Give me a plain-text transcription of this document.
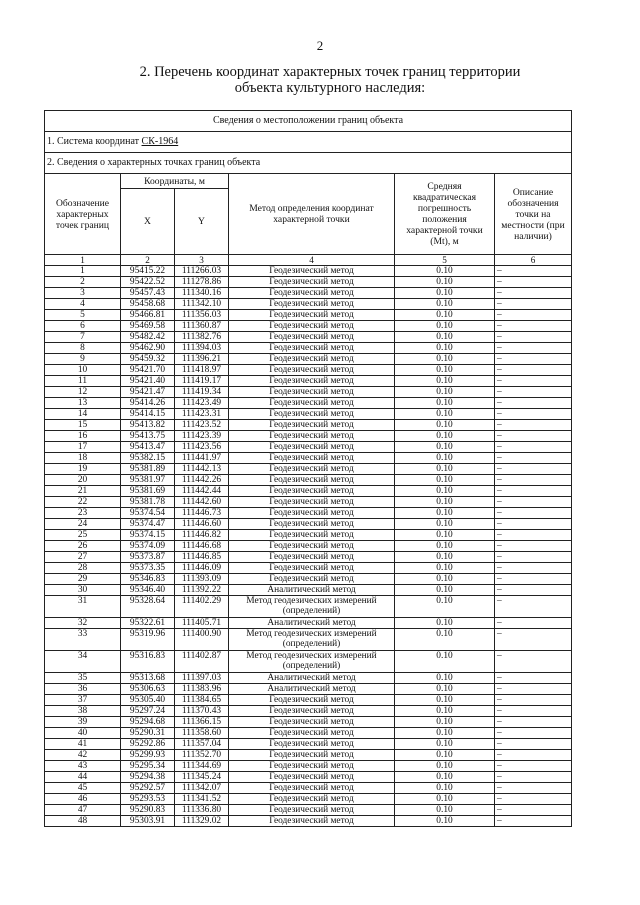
2
2. Перечень координат характерных точек границ территории
объекта культурного наследия:
Сведения о местоположении границ объекта					
1. Система координат СК-1964					
2. Сведения о характерных точках границ объекта					
Обозначение характерных точек границ	Координаты, м		Метод определения координат характерной точки	Средняя квадратическая погрешность положения характерной точки (Mt), м	Описание обозначения точки на местности (при наличии)
	X	Y			
1	2	3	4	5	6
1	95415.22	111266.03	Геодезический метод	0.10	–
2	95422.52	111278.86	Геодезический метод	0.10	–
3	95457.43	111340.16	Геодезический метод	0.10	–
4	95458.68	111342.10	Геодезический метод	0.10	–
5	95466.81	111356.03	Геодезический метод	0.10	–
6	95469.58	111360.87	Геодезический метод	0.10	–
7	95482.42	111382.76	Геодезический метод	0.10	–
8	95462.90	111394.03	Геодезический метод	0.10	–
9	95459.32	111396.21	Геодезический метод	0.10	–
10	95421.70	111418.97	Геодезический метод	0.10	–
11	95421.40	111419.17	Геодезический метод	0.10	–
12	95421.47	111419.34	Геодезический метод	0.10	–
13	95414.26	111423.49	Геодезический метод	0.10	–
14	95414.15	111423.31	Геодезический метод	0.10	–
15	95413.82	111423.52	Геодезический метод	0.10	–
16	95413.75	111423.39	Геодезический метод	0.10	–
17	95413.47	111423.56	Геодезический метод	0.10	–
18	95382.15	111441.97	Геодезический метод	0.10	–
19	95381.89	111442.13	Геодезический метод	0.10	–
20	95381.97	111442.26	Геодезический метод	0.10	–
21	95381.69	111442.44	Геодезический метод	0.10	–
22	95381.78	111442.60	Геодезический метод	0.10	–
23	95374.54	111446.73	Геодезический метод	0.10	–
24	95374.47	111446.60	Геодезический метод	0.10	–
25	95374.15	111446.82	Геодезический метод	0.10	–
26	95374.09	111446.68	Геодезический метод	0.10	–
27	95373.87	111446.85	Геодезический метод	0.10	–
28	95373.35	111446.09	Геодезический метод	0.10	–
29	95346.83	111393.09	Геодезический метод	0.10	–
30	95346.40	111392.22	Аналитический метод	0.10	–
31	95328.64	111402.29	Метод геодезических измерений (определений)	0.10	–
32	95322.61	111405.71	Аналитический метод	0.10	–
33	95319.96	111400.90	Метод геодезических измерений (определений)	0.10	–
34	95316.83	111402.87	Метод геодезических измерений (определений)	0.10	–
35	95313.68	111397.03	Аналитический метод	0.10	–
36	95306.63	111383.96	Аналитический метод	0.10	–
37	95305.40	111384.65	Геодезический метод	0.10	–
38	95297.24	111370.43	Геодезический метод	0.10	–
39	95294.68	111366.15	Геодезический метод	0.10	–
40	95290.31	111358.60	Геодезический метод	0.10	–
41	95292.86	111357.04	Геодезический метод	0.10	–
42	95299.93	111352.70	Геодезический метод	0.10	–
43	95295.34	111344.69	Геодезический метод	0.10	–
44	95294.38	111345.24	Геодезический метод	0.10	–
45	95292.57	111342.07	Геодезический метод	0.10	–
46	95293.53	111341.52	Геодезический метод	0.10	–
47	95290.83	111336.80	Геодезический метод	0.10	–
48	95303.91	111329.02	Геодезический метод	0.10	–
